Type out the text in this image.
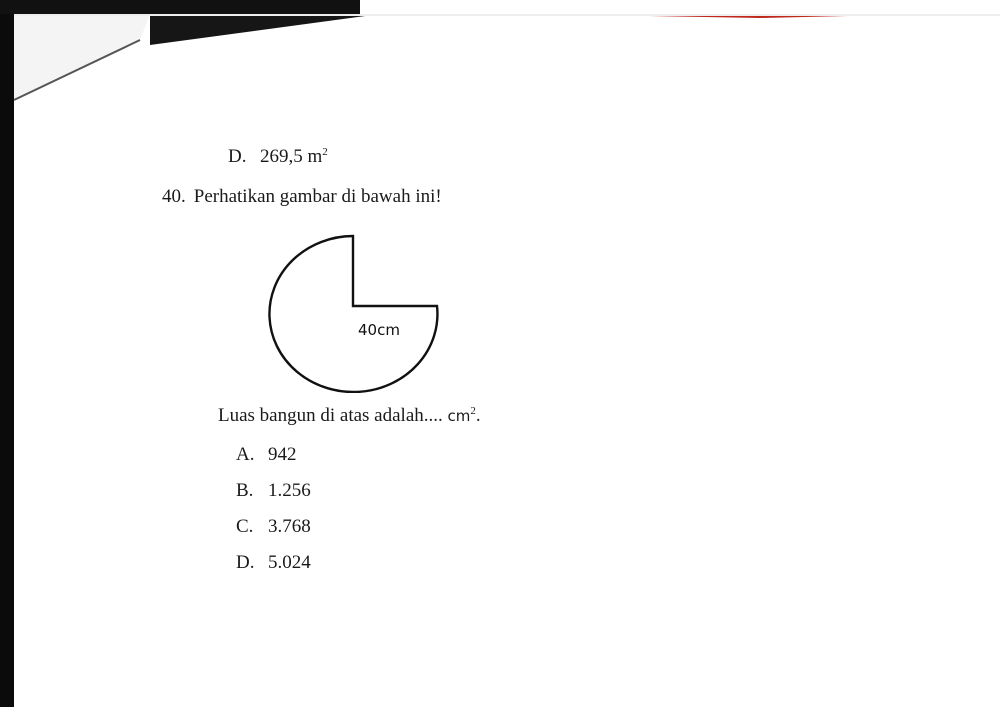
D. 269,5 $m^2$
40. Perhatikan gambar di bawah ini!
40cm
Luas bangun di atas adalah.... $cm^2$.
A. 942
B. 1.256
C. 3.768
D. 5.024
